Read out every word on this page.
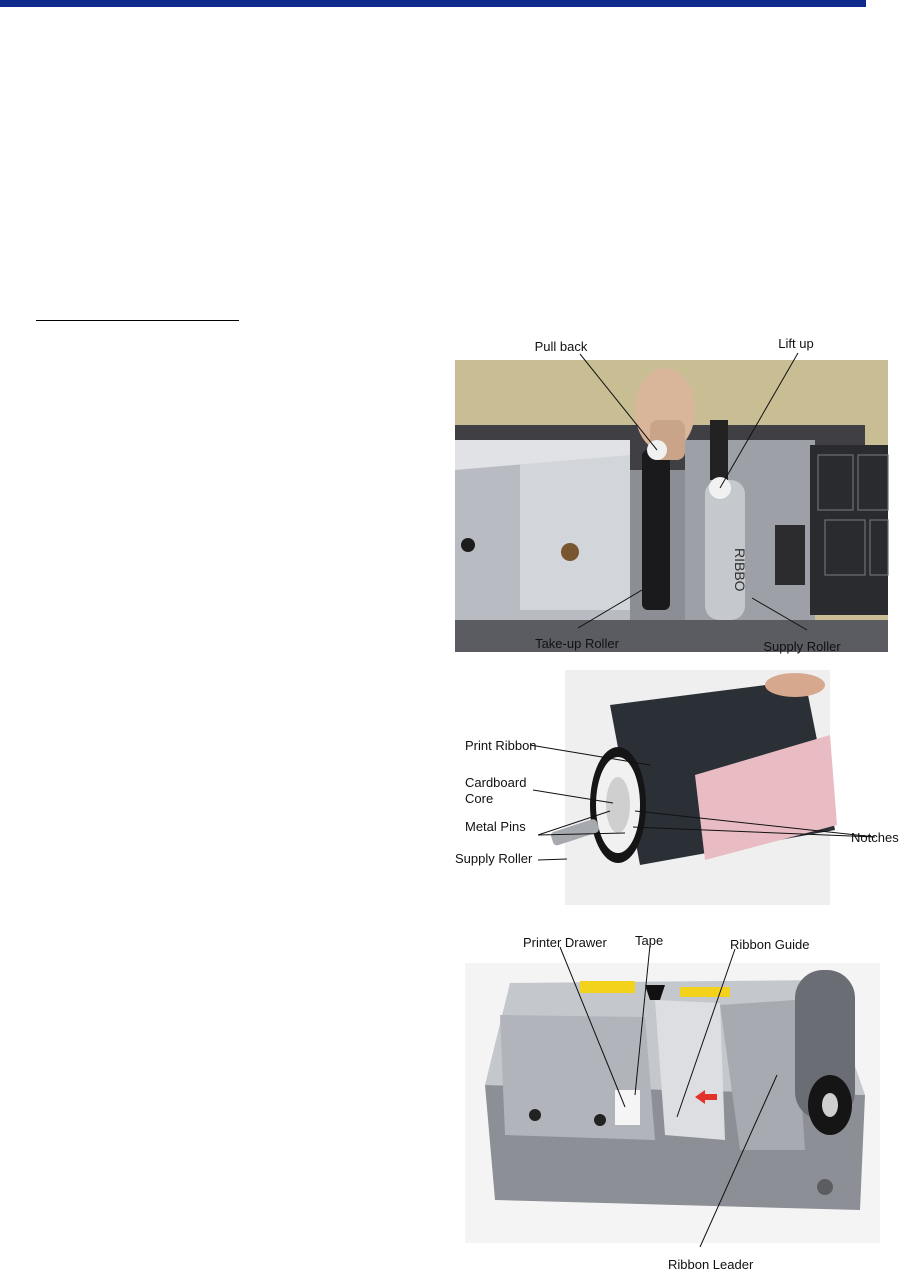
RIBBO
Pull back	Lift up
Take-up Roller	Supply Roller
Print Ribbon
Cardboard
Core
Metal Pins
Supply Roller
Notches
Printer Drawer Tape	Ribbon Guide
Ribbon Leader
